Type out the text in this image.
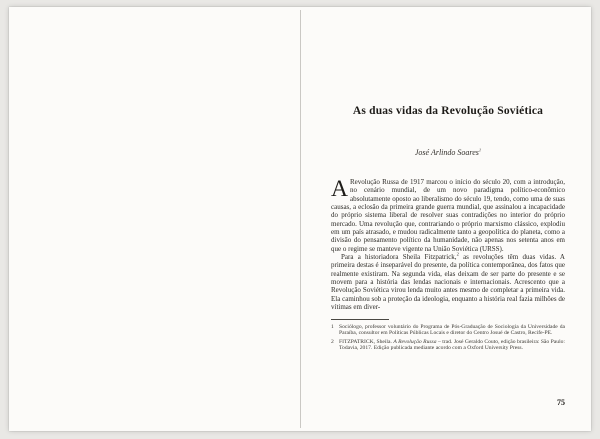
As duas vidas da Revolução Soviética
José Arlindo Soares$^1$

A Revolução Russa de 1917 marcou o início do século 20, com a introdução, no cenário mundial, de um novo paradigma político-econômico absolutamente oposto ao liberalismo do século 19, tendo, como uma de suas causas, a eclosão da primeira grande guerra mundial, que assinalou a incapacidade do próprio sistema liberal de resolver suas contradições no interior do próprio mercado. Uma revolução que, contrariando o próprio marxismo clássico, explodiu em um país atrasado, e mudou radicalmente tanto a geopolítica do planeta, como a divisão do pensamento político da humanidade, não apenas nos setenta anos em que o regime se manteve vigente na União Soviética (URSS).

Para a historiadora Sheila Fitzpatrick,$^2$ as revoluções têm duas vidas. A primeira destas é inseparável do presente, da política contemporânea, dos fatos que realmente existiram. Na segunda vida, elas deixam de ser parte do presente e se movem para a história das lendas nacionais e internacionais. Acrescento que a Revolução Soviética virou lenda muito antes mesmo de completar a primeira vida. Ela caminhou sob a proteção da ideologia, enquanto a história real fazia milhões de vítimas em diver-

1 Sociólogo, professor voluntário do Programa de Pós-Graduação de Sociologia da Universidade da Paraíba, consultor em Políticas Públicas Locais e diretor do Centro Josué de Castro, Recife-PE.
2 FITZPATRICK, Sheila. A Revolução Russa – trad. José Geraldo Couto, edição brasileira: São Paulo: Todavia, 2017. Edição publicada mediante acordo com a Oxford University Press.
75
